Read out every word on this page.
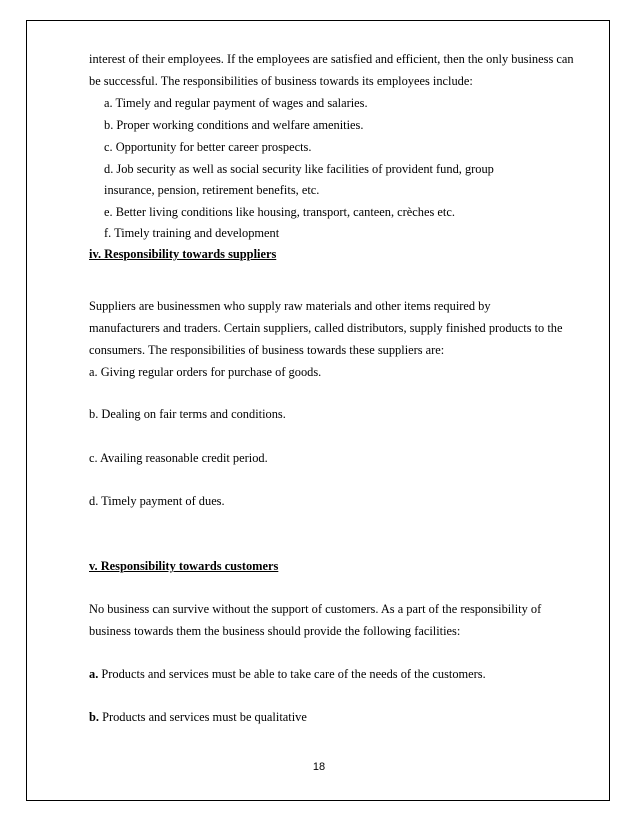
interest of their employees. If the employees are satisfied and efficient, then the only business can
be successful. The responsibilities of business towards its employees include:
a. Timely and regular payment of wages and salaries.
b. Proper working conditions and welfare amenities.
c. Opportunity for better career prospects.
d. Job security as well as social security like facilities of provident fund, group
insurance, pension, retirement benefits, etc.
e. Better living conditions like housing, transport, canteen, crèches etc.
f. Timely training and development
iv. Responsibility towards suppliers
Suppliers are businessmen who supply raw materials and other items required by
manufacturers and traders. Certain suppliers, called distributors, supply finished products to the
consumers. The responsibilities of business towards these suppliers are:
a. Giving regular orders for purchase of goods.
b. Dealing on fair terms and conditions.
c. Availing reasonable credit period.
d. Timely payment of dues.
v. Responsibility towards customers
No business can survive without the support of customers. As a part of the responsibility of
business towards them the business should provide the following facilities:
a. Products and services must be able to take care of the needs of the customers.
b. Products and services must be qualitative
18
